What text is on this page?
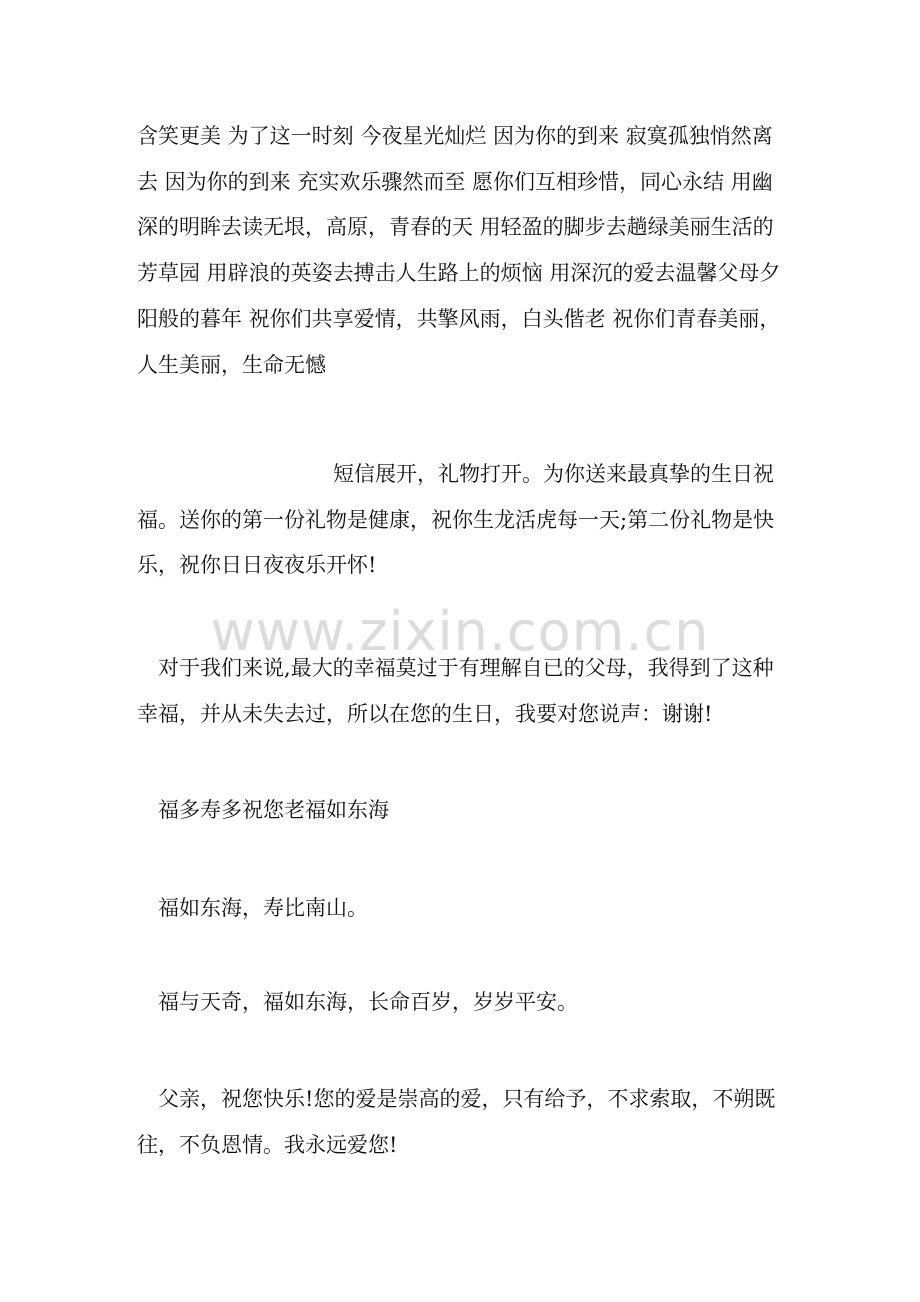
www.zixin.com.cn

含笑更美 为了这一时刻 今夜星光灿烂 因为你的到来 寂寞孤独悄然离去 因为你的到来 充实欢乐骤然而至 愿你们互相珍惜，同心永结 用幽深的明眸去读无垠，高原，青春的天 用轻盈的脚步去趟绿美丽生活的芳草园 用辟浪的英姿去搏击人生路上的烦恼 用深沉的爱去温馨父母夕阳般的暮年 祝你们共享爱情，共擎风雨，白头偕老 祝你们青春美丽，人生美丽，生命无憾

短信展开，礼物打开。为你送来最真挚的生日祝福。送你的第一份礼物是健康，祝你生龙活虎每一天;第二份礼物是快乐，祝你日日夜夜乐开怀!

对于我们来说,最大的幸福莫过于有理解自已的父母，我得到了这种幸福，并从未失去过，所以在您的生日，我要对您说声：谢谢!

福多寿多祝您老福如东海

福如东海，寿比南山。

福与天奇，福如东海，长命百岁，岁岁平安。

父亲，祝您快乐!您的爱是崇高的爱，只有给予，不求索取，不朔既往，不负恩情。我永远爱您!
